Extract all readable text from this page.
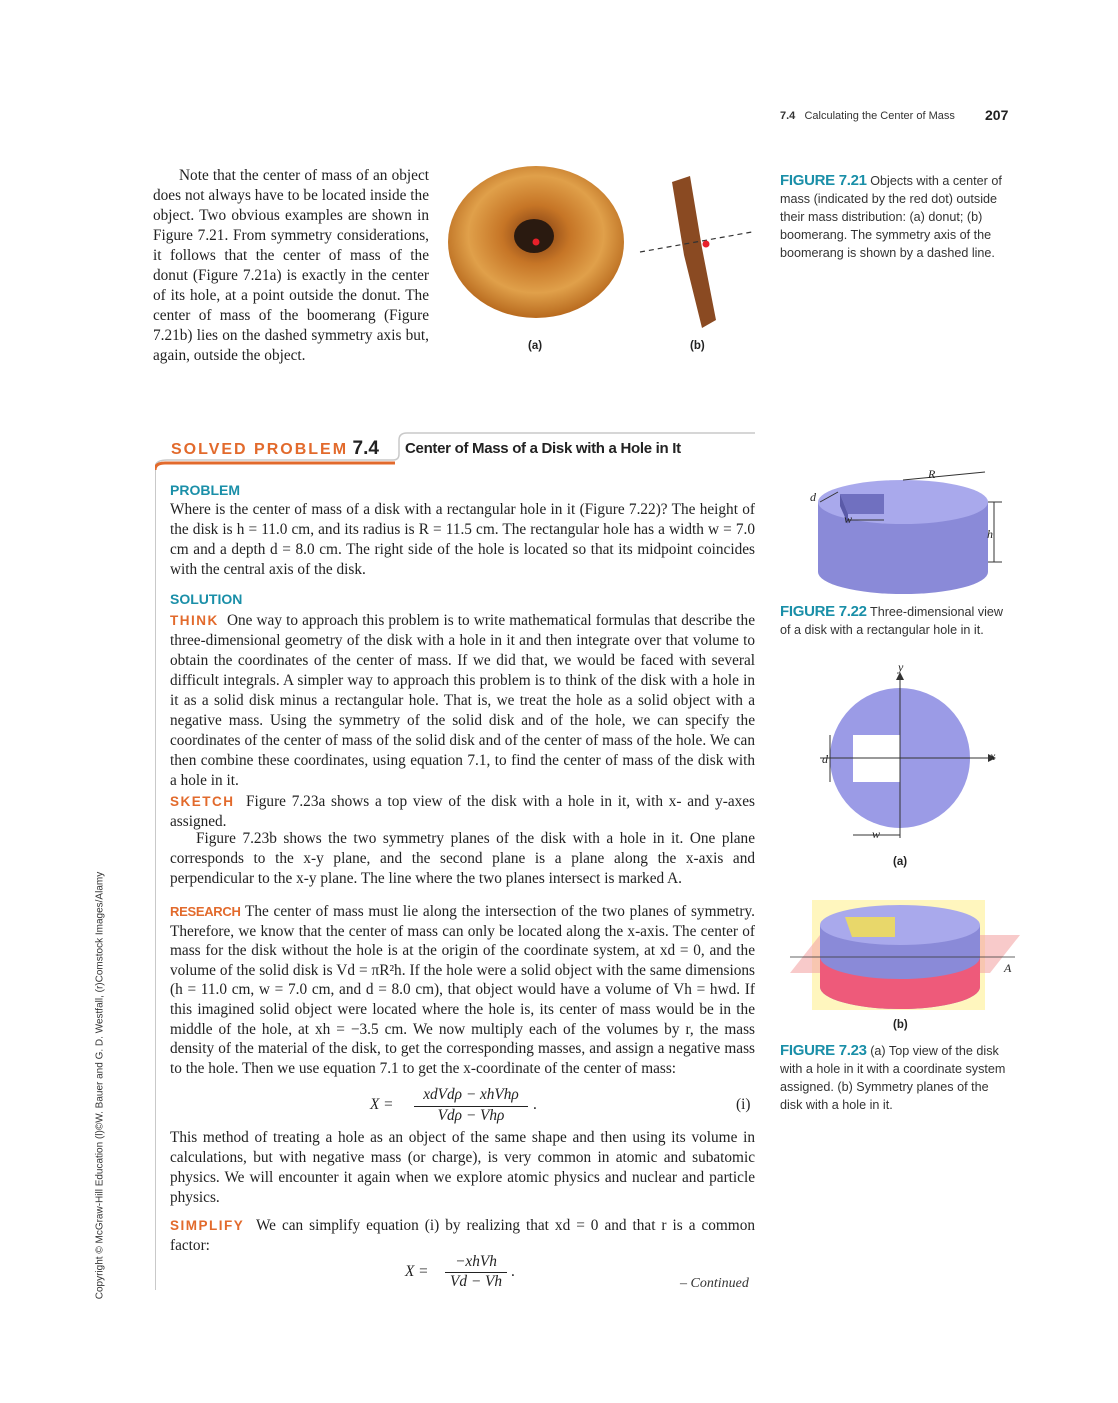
7.4 Calculating the Center of Mass 207
Copyright © McGraw-Hill Education (l)©W. Bauer and G. D. Westfall, (r)Comstock Images/Alamy

Note that the center of mass of an object does not always have to be located inside the object. Two obvious examples are shown in Figure 7.21. From symmetry considerations, it follows that the center of mass of the donut (Figure 7.21a) is exactly in the center of its hole, at a point outside the donut. The center of mass of the boomerang (Figure 7.21b) lies on the dashed symmetry axis but, again, outside the object.

(a)	(b)
FIGURE 7.21 Objects with a center of mass (indicated by the red dot) outside their mass distribution: (a) donut; (b) boomerang. The symmetry axis of the boomerang is shown by a dashed line.
SOLVED PROBLEM 7.4 Center of Mass of a Disk with a Hole in It
PROBLEM

Where is the center of mass of a disk with a rectangular hole in it (Figure 7.22)? The height of the disk is h = 11.0 cm, and its radius is R = 11.5 cm. The rectangular hole has a width w = 7.0 cm and a depth d = 8.0 cm. The right side of the hole is located so that its midpoint coincides with the central axis of the disk.

SOLUTION

THINK One way to approach this problem is to write mathematical formulas that describe the three-dimensional geometry of the disk with a hole in it and then integrate over that volume to obtain the coordinates of the center of mass. If we did that, we would be faced with several difficult integrals. A simpler way to approach this problem is to think of the disk with a hole in it as a solid disk minus a rectangular hole. That is, we treat the hole as a solid object with a negative mass. Using the symmetry of the solid disk and of the hole, we can specify the coordinates of the center of mass of the solid disk and of the center of mass of the hole. We can then combine these coordinates, using equation 7.1, to find the center of mass of the disk with a hole in it.

SKETCH Figure 7.23a shows a top view of the disk with a hole in it, with x- and y-axes assigned.

Figure 7.23b shows the two symmetry planes of the disk with a hole in it. One plane corresponds to the x-y plane, and the second plane is a plane along the x-axis and perpendicular to the x-y plane. The line where the two planes intersect is marked A.

RESEARCH The center of mass must lie along the intersection of the two planes of symmetry. Therefore, we know that the center of mass can only be located along the x-axis. The center of mass for the disk without the hole is at the origin of the coordinate system, at xd = 0, and the volume of the solid disk is Vd = πR²h. If the hole were a solid object with the same dimensions (h = 11.0 cm, w = 7.0 cm, and d = 8.0 cm), that object would have a volume of Vh = hwd. If this imagined solid object were located where the hole is, its center of mass would be in the middle of the hole, at xh = −3.5 cm. We now multiply each of the volumes by r, the mass density of the material of the disk, to get the corresponding masses, and assign a negative mass to the hole. Then we use equation 7.1 to get the x-coordinate of the center of mass:

X =
xdVdρ − xhVhρ
Vdρ − Vhρ
.	(i)

This method of treating a hole as an object of the same shape and then using its volume in calculations, but with negative mass (or charge), is very common in atomic and subatomic physics. We will encounter it again when we explore atomic physics and nuclear and particle physics.

SIMPLIFY We can simplify equation (i) by realizing that xd = 0 and that r is a common factor:

X =
−xhVh
Vd − Vh
.
– Continued
R
d
w
h
FIGURE 7.22 Three-dimensional view of a disk with a rectangular hole in it.
y
x
d
w
(a)
A
(b)
FIGURE 7.23 (a) Top view of the disk with a hole in it with a coordinate system assigned. (b) Symmetry planes of the disk with a hole in it.
